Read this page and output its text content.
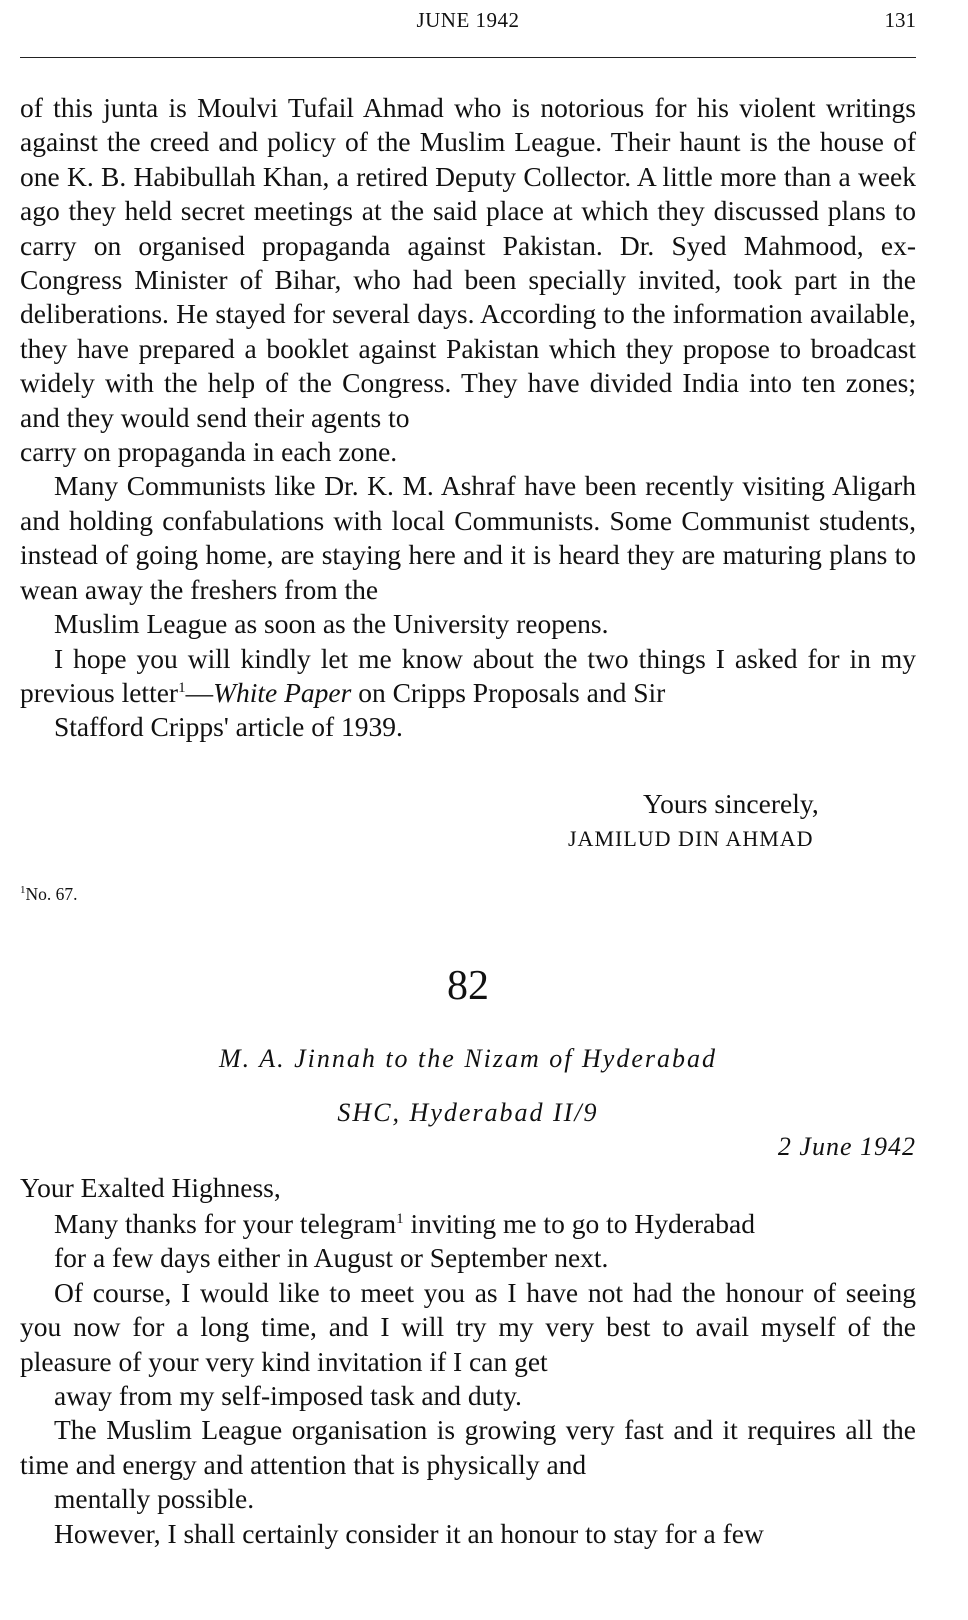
JUNE 1942	131

of this junta is Moulvi Tufail Ahmad who is notorious for his violent writings against the creed and policy of the Muslim League. Their haunt is the house of one K. B. Habibullah Khan, a retired Deputy Collector. A little more than a week ago they held secret meetings at the said place at which they discussed plans to carry on organised propaganda against Pakistan. Dr. Syed Mahmood, ex-Congress Minister of Bihar, who had been specially invited, took part in the deliberations. He stayed for several days. According to the information available, they have prepared a booklet against Pakistan which they propose to broadcast widely with the help of the Congress. They have divided India into ten zones; and they would send their agents to
carry on propaganda in each zone.

Many Communists like Dr. K. M. Ashraf have been recently visiting Aligarh and holding confabulations with local Communists. Some Communist students, instead of going home, are staying here and it is heard they are maturing plans to wean away the freshers from the
Muslim League as soon as the University reopens.

I hope you will kindly let me know about the two things I asked for in my previous letter$^1$—White Paper on Cripps Proposals and Sir
Stafford Cripps' article of 1939.

Yours sincerely,
JAMILUD DIN AHMAD
$^1$No. 67.
82
M. A. Jinnah to the Nizam of Hyderabad
SHC, Hyderabad II/9
2 June 1942
Your Exalted Highness,

Many thanks for your telegram$^1$ inviting me to go to Hyderabad
for a few days either in August or September next.

Of course, I would like to meet you as I have not had the honour of seeing you now for a long time, and I will try my very best to avail myself of the pleasure of your very kind invitation if I can get
away from my self-imposed task and duty.

The Muslim League organisation is growing very fast and it requires all the time and energy and attention that is physically and
mentally possible.

However, I shall certainly consider it an honour to stay for a few
